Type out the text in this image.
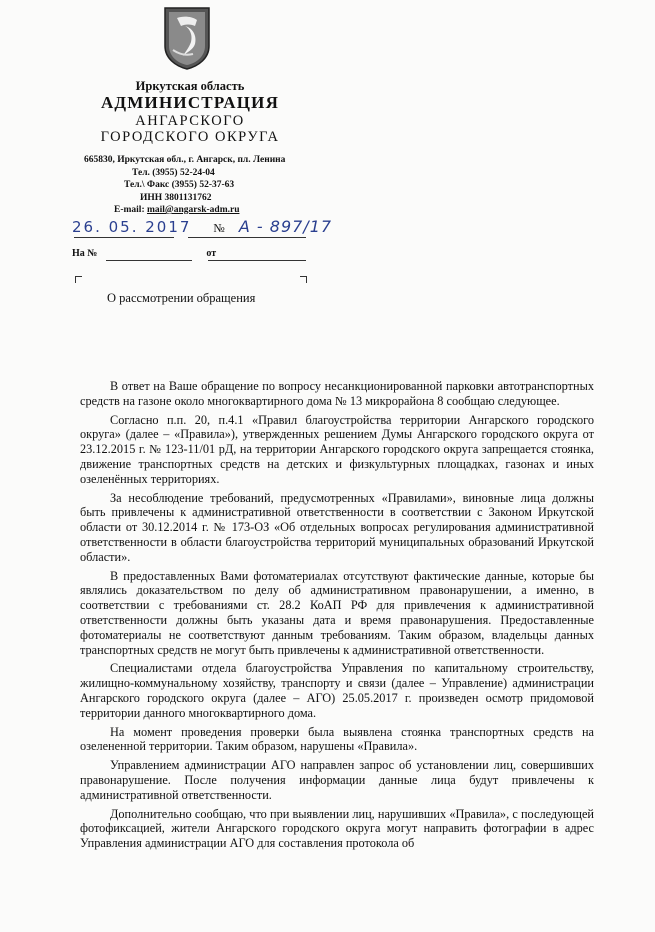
Иркутская область
АДМИНИСТРАЦИЯ
АНГАРСКОГО
ГОРОДСКОГО ОКРУГА
665830, Иркутская обл., г. Ангарск, пл. Ленина
Тел. (3955) 52-24-04
Тел.\ Факс (3955) 52-37-63
ИНН 3801131762
E-mail: mail@angarsk-adm.ru
26. 05. 2017 № А - 897/17
На №	от
О рассмотрении обращения

В ответ на Ваше обращение по вопросу несанкционированной парковки автотранспортных средств на газоне около многоквартирного дома № 13 микрорайона 8 сообщаю следующее.

Согласно п.п. 20, п.4.1 «Правил благоустройства территории Ангарского городского округа» (далее – «Правила»), утвержденных решением Думы Ангарского городского округа от 23.12.2015 г. № 123-11/01 рД, на территории Ангарского городского округа запрещается стоянка, движение транспортных средств на детских и физкультурных площадках, газонах и иных озеленённых территориях.

За несоблюдение требований, предусмотренных «Правилами», виновные лица должны быть привлечены к административной ответственности в соответствии с Законом Иркутской области от 30.12.2014 г. № 173-ОЗ «Об отдельных вопросах регулирования административной ответственности в области благоустройства территорий муниципальных образований Иркутской области».

В предоставленных Вами фотоматериалах отсутствуют фактические данные, которые бы являлись доказательством по делу об административном правонарушении, а именно, в соответствии с требованиями ст. 28.2 КоАП РФ для привлечения к административной ответственности должны быть указаны дата и время правонарушения. Предоставленные фотоматериалы не соответствуют данным требованиям. Таким образом, владельцы данных транспортных средств не могут быть привлечены к административной ответственности.

Специалистами отдела благоустройства Управления по капитальному строительству, жилищно-коммунальному хозяйству, транспорту и связи (далее – Управление) администрации Ангарского городского округа (далее – АГО) 25.05.2017 г. произведен осмотр придомовой территории данного многоквартирного дома.

На момент проведения проверки была выявлена стоянка транспортных средств на озелененной территории. Таким образом, нарушены «Правила».

Управлением администрации АГО направлен запрос об установлении лиц, совершивших правонарушение. После получения информации данные лица будут привлечены к административной ответственности.

Дополнительно сообщаю, что при выявлении лиц, нарушивших «Правила», с последующей фотофиксацией, жители Ангарского городского округа могут направить фотографии в адрес Управления администрации АГО для составления протокола об
